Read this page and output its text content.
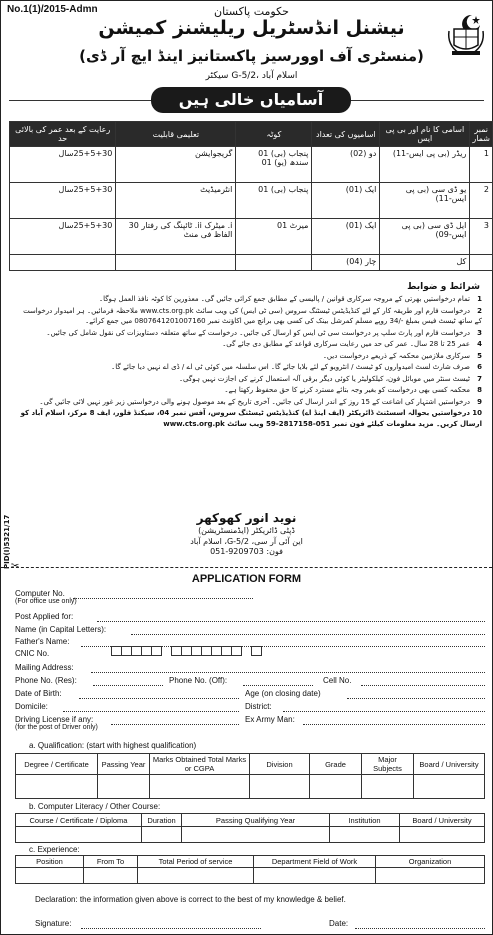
No.1(1)/2015-Admn	حکومت پاکستان
نیشنل انڈسٹریل ریلیشنز کمیشن
(منسٹری آف اوورسیز پاکستانیز اینڈ ایچ آر ڈی)
سیکٹر G-5/2، اسلام آباد
آسامیاں خالی ہیں
نمبر شمار	اسامی کا نام اور بی پی ایس	اسامیوں کی تعداد	کوٹہ	تعلیمی قابلیت	رعایت کے بعد عمر کی بالائی حد
1	ریڈر (بی پی ایس-11)	دو (02)	پنجاب (بی) 01
سندھ (یو) 01	گریجوایشن	25+5+30سال
2	یو ڈی سی (بی پی ایس-11)	ایک (01)	پنجاب (بی) 01	انٹرمیڈیٹ	25+5+30سال
3	ایل ڈی سی (بی پی ایس-09)	ایک (01)	میرٹ 01	i. میٹرک ii. ٹائپنگ کی رفتار 30 الفاظ فی منٹ	25+5+30سال
	کل	چار (04)			
شرائط و ضوابط
1تمام درخواستیں بھرتی کے مروجہ سرکاری قوانین / پالیسی کے مطابق جمع کرائی جائیں گی۔ معذورین کا کوٹہ نافذ العمل ہوگا۔
2درخواست فارم اور طریقہ کار کے لئے کنڈیڈیٹس ٹیسٹنگ سروس (سی ٹی ایس) کی ویب سائٹ www.cts.org.pk ملاحظہ فرمائیں۔ ہر امیدوار درخواست کے ساتھ ٹیسٹ فیس بمبلغ -/34 روپے مسلم کمرشل بینک کی کسی بھی برانچ میں اکاؤنٹ نمبر 0807641201007160 میں جمع کرائے۔
3درخواست فارم اور پارٹ سلپ پر درخواست سی ٹی ایس کو ارسال کی جائیں۔ درخواست کے ساتھ متعلقہ دستاویزات کی نقول شامل کی جائیں۔
4عمر 25 تا 28 سال۔ عمر کی حد میں رعایت سرکاری قواعد کے مطابق دی جائے گی۔
5سرکاری ملازمین محکمہ کے ذریعے درخواست دیں۔
6صرف شارٹ لسٹ امیدواروں کو ٹیسٹ / انٹرویو کے لئے بلایا جائے گا۔ اس سلسلہ میں کوئی ٹی اے / ڈی اے نہیں دیا جائے گا۔
7ٹیسٹ سنٹر میں موبائل فون، کیلکولیٹر یا کوئی دیگر برقی آلہ استعمال کرنے کی اجازت نہیں ہوگی۔
8محکمہ کسی بھی درخواست کو بغیر وجہ بتائے مسترد کرنے کا حق محفوظ رکھتا ہے۔
9درخواستیں اشتہار کی اشاعت کے 15 روز کے اندر ارسال کی جائیں۔ آخری تاریخ کے بعد موصول ہونے والی درخواستیں زیر غور نہیں لائی جائیں گی۔
10درخواستیں بحوالہ اسسٹنٹ ڈائریکٹر (ایف اینڈ اے) کنڈیڈیٹس ٹیسٹنگ سروس، آفس نمبر 04، سیکنڈ فلور، ایف 8 مرکز، اسلام آباد کو ارسال کریں۔ مزید معلومات کیلئے فون نمبر 051-2817158-59 ویب سائٹ www.cts.org.pk
PID(I)5321/17	نوید انور کھوکھر
ڈپٹی ڈائریکٹر (ایڈمنسٹریشن)
این آئی آر سی، G-5/2، اسلام آباد
051-9209703 :فون
✂
APPLICATION FORM
Computer No.
(For office use only)
Post Applied for:
Name (in Capital Letters):
Father's Name:
CNIC No.
Mailing Address:
Phone No. (Res):	Phone No. (Off):	Cell No.
Date of Birth:	Age (on closing date)
Domicile:	District:
Driving License if any:
(for the post of Driver only)
Ex Army Man:
a. Qualification: (start with highest qualification)
Degree / Certificate	Passing Year	Marks Obtained Total Marks or CGPA	Division	Grade	Major Subjects	Board / University

b. Computer Literacy / Other Course:
Course / Certificate / Diploma	Duration	Passing Qualifying Year	Institution	Board / University

c. Experience:
Position	From To	Total Period of service	Department Field of Work	Organization

Declaration: the information given above is correct to the best of my knowledge & belief.
Signature:	Date:
